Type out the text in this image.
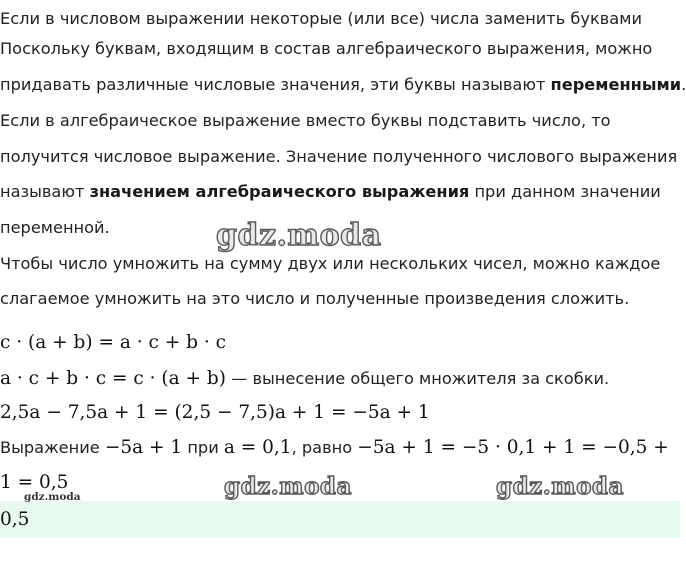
Если в числовом выражении некоторые (или все) числа заменить буквами
Поскольку буквам, входящим в состав алгебраического выражения, можно
придавать различные числовые значения, эти буквы называют переменными.
Если в алгебраическое выражение вместо буквы подставить число, то
получится числовое выражение. Значение полученного числового выражения
называют значением алгебраического выражения при данном значении
переменной.
Чтобы число умножить на сумму двух или нескольких чисел, можно каждое
слагаемое умножить на это число и полученные произведения сложить.
c · (a + b) = a · c + b · c
a · c + b · c = c · (a + b) — вынесение общего множителя за скобки.
2,5a − 7,5a + 1 = (2,5 − 7,5)a + 1 = −5a + 1
Выражение −5a + 1 при a = 0,1, равно −5a + 1 = −5 · 0,1 + 1 = −0,5 +
1 = 0,5
0,5
gdz.moda
gdz.moda	gdz.moda
gdz.moda
